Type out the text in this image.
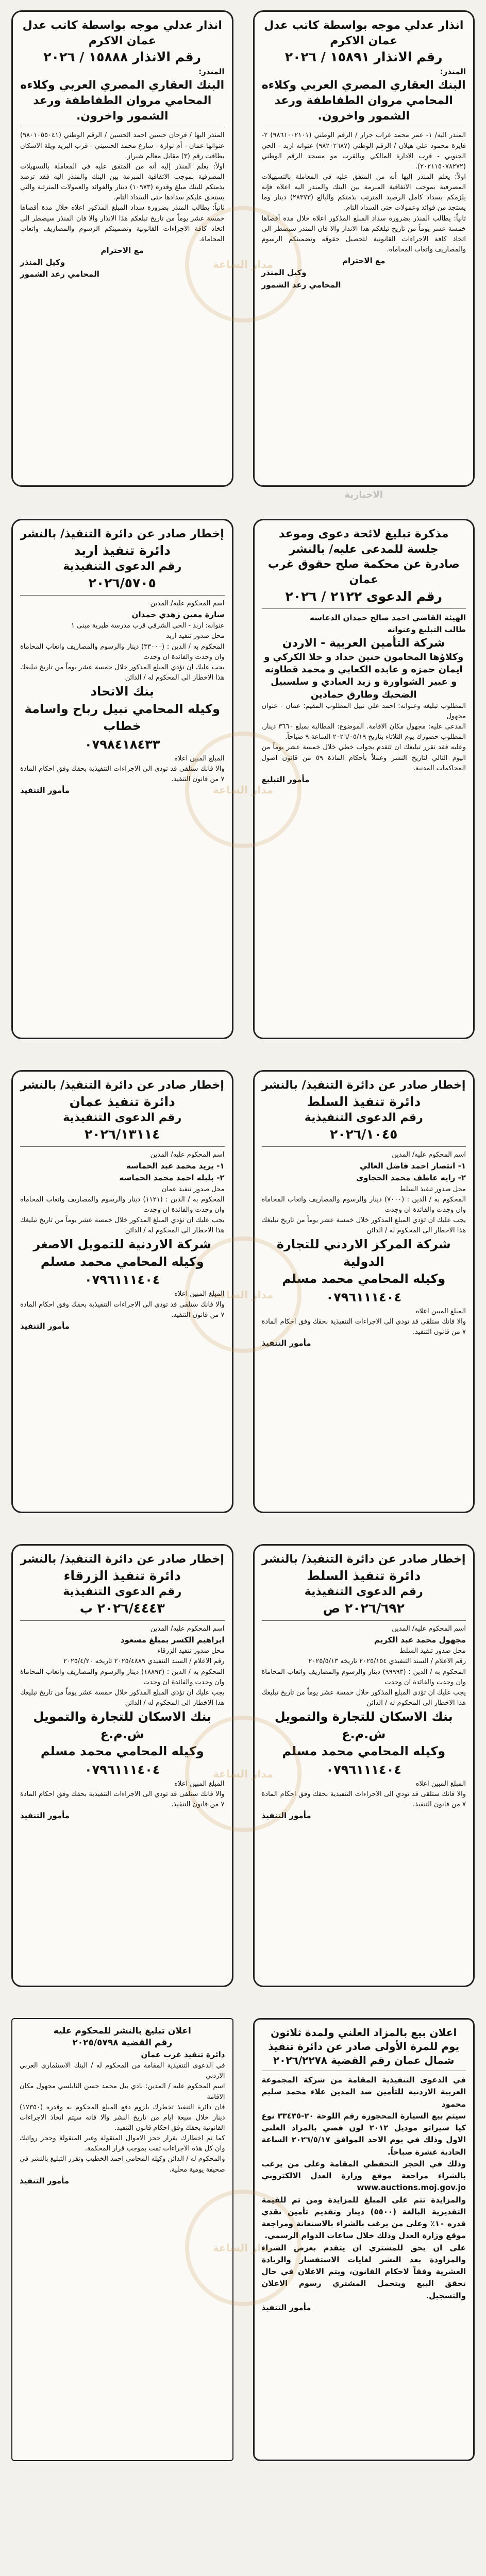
انذار عدلي موجه بواسطة كاتب عدل عمان الاكرم
رقم الانذار ١٥٨٩١ / ٢٠٢٦
المنذر:
البنك العقاري المصري العربي وكلاءه المحامي مروان الطفاطفة ورعد الشمور واخرون.
المنذر اليه/ ١- عمر محمد غراب جرار / الرقم الوطني (٩٨٦١٠٠٢١٠١) ٢- فايزة محمود علي هيلان / الرقم الوطني (٩٨٢٠٢٦٨٧) عنوانه اربد - الحي الجنوبي - قرب الادارة المالكي وبالقرب مو مسجد الرقم الوطني (٢٠٢١١٥٠٧٨٢٧٢).
اولاً: يعلم المنذر إليها أنه من المتفق عليه في المعاملة بالتسهيلات المصرفية بموجب الاتفاقية المبرمة بين البنك والمنذر اليه اعلاه فإنه يلزمكم بسداد كامل الرصيد المترتب بذمتكم والبالغ (٢٨٣٧٣) دينار وما يستجد من فوائد وعمولات حتى السداد التام.
ثانياً: يطالب المنذر بضرورة سداد المبلغ المذكور اعلاه خلال مدة أقصاها خمسة عشر يوماً من تاريخ تبلغكم هذا الانذار والا فان المنذر سيضطر الى اتخاذ كافة الاجراءات القانونية لتحصيل حقوقه وتضمينكم الرسوم والمصاريف واتعاب المحاماة.
مع الاحترام
وكيل المنذر
المحامي رعد الشمور
الاخبارية
انذار عدلي موجه بواسطة كاتب عدل عمان الاكرم
رقم الانذار ١٥٨٨٨ / ٢٠٢٦
المنذر:
البنك العقاري المصري العربي وكلاءه المحامي مروان الطفاطفة ورعد الشمور واخرون.
المنذر اليها / فرحان حسين احمد الحسين / الرقم الوطني (٩٨٠١٠٥٥٠٤١) عنوانها عمان - أم نوارة - شارع محمد الحسيني - قرب البريد ويلة الاسكان بطاقت رقم (٣) مقابل معالم شيراز.
اولاً: يعلم المنذر إليه أنه من المتفق عليه في المعاملة بالتسهيلات المصرفية بموجب الاتفاقية المبرمة بين البنك والمنذر اليه فقد ترصد بذمتكم للبنك مبلغ وقدره (١٠٩٧٣) دينار والفوائد والعمولات المترتبة والتي يستحق عليكم سدادها حتى السداد التام.
ثانياً: يطالب المنذر بضرورة سداد المبلغ المذكور اعلاه خلال مدة أقصاها خمسة عشر يوماً من تاريخ تبلغكم هذا الانذار والا فان المنذر سيضطر الى اتخاذ كافة الاجراءات القانونية وتضمينكم الرسوم والمصاريف واتعاب المحاماة.
مع الاحترام
وكيل المنذر
المحامي رعد الشمور
مذكرة تبليغ لائحة دعوى وموعد جلسة للمدعى عليه/ بالنشر
صادرة عن محكمة صلح حقوق غرب عمان
رقم الدعوى ٢١٢٢ / ٢٠٢٦
الهيئة القاضي احمد صالح حمدان الدعاسه
طالب التبليغ وعنوانه
شركة التأمين العربية - الاردن
وكلاؤها المحامون حنين حداد و حلا الكركي و ايمان حمزه و عابده الكعابي و محمد قطاونه و عبير الشواورة و زيد العبادي و سلسبيل الضحيك وطارق حمادين
المطلوب تبليغه وعنوانه: احمد علي نبيل المطلوب المقيم: عمان - عنوان مجهول
المدعى عليه: مجهول مكان الاقامة. الموضوع: المطالبة بمبلغ ٣٦٦٠ دينار. المطلوب حضورك يوم الثلاثاء بتاريخ ٢٠٢٦/٠٥/١٩ الساعة ٩ صباحاً.
وعليه فقد تقرر تبليغك ان تتقدم بجواب خطي خلال خمسة عشر يوماً من اليوم التالي لتاريخ النشر وعملاً بأحكام المادة ٥٩ من قانون اصول المحاكمات المدنية.
مأمور التبليغ
إخطار صادر عن دائرة التنفيذ/ بالنشر
دائرة تنفيذ اربد
رقم الدعوى التنفيذية
٢٠٢٦/٥٧٠٥
اسم المحكوم عليه/ المدين
سارة معين زهدي حمدان
عنوانه: اربد - الحي الشرقي قرب مدرسة طبرية مبنى ١
محل صدور تنفيذ اربد
المحكوم به / الدين : (٣٣٠٠٠) دينار والرسوم والمصاريف واتعاب المحاماة وان وجدت والفائدة ان وجدت
يجب عليك ان تؤدي المبلغ المذكور خلال خمسة عشر يوماً من تاريخ تبليغك هذا الاخطار الى المحكوم له / الدائن
بنك الاتحاد
وكيله المحامي نبيل رباح واسامة خطاب
٠٧٩٨٤١٨٤٣٣
المبلغ المبين اعلاه
والا فانك ستلقى قد تودي الى الاجراءات التنفيذية بحقك وفق احكام المادة ٧ من قانون التنفيذ.
مأمور التنفيذ
إخطار صادر عن دائرة التنفيذ/ بالنشر
دائرة تنفيذ السلط
رقم الدعوى التنفيذية
٢٠٢٦/١٠٤٥
اسم المحكوم عليه/ المدين
١- انتصار احمد فاضل العالي
٢- رايه عاطف محمد الحجاوي
محل صدور تنفيذ السلط
المحكوم به / الدين : (٧٠٠٠) دينار والرسوم والمصاريف واتعاب المحاماة وان وجدت والفائدة ان وجدت
يجب عليك ان تؤدي المبلغ المذكور خلال خمسة عشر يوماً من تاريخ تبليغك هذا الاخطار الى المحكوم له / الدائن
شركة المركز الاردني للتجارة الدولية
وكيله المحامي محمد مسلم
٠٧٩٦١١١٤٠٤
المبلغ المبين اعلاه
والا فانك ستلقى قد تودي الى الاجراءات التنفيذية بحقك وفق احكام المادة ٧ من قانون التنفيذ.
مأمور التنفيذ
إخطار صادر عن دائرة التنفيذ/ بالنشر
دائرة تنفيذ عمان
رقم الدعوى التنفيذية
٢٠٢٦/١٣١١٤
اسم المحكوم عليه/ المدين
١- يزيد محمد عبد الحماسه
٢- بلبله احمد محمد الحماسه
محل صدور تنفيذ عمان
المحكوم به / الدين : (١١٢١) دينار والرسوم والمصاريف واتعاب المحاماة وان وجدت والفائدة ان وجدت
يجب عليك ان تؤدي المبلغ المذكور خلال خمسة عشر يوماً من تاريخ تبليغك هذا الاخطار الى المحكوم له / الدائن
شركة الاردنية للتمويل الاصغر
وكيله المحامي محمد مسلم
٠٧٩٦١١١٤٠٤
المبلغ المبين اعلاه
والا فانك ستلقى قد تودي الى الاجراءات التنفيذية بحقك وفق احكام المادة ٧ من قانون التنفيذ.
مأمور التنفيذ
إخطار صادر عن دائرة التنفيذ/ بالنشر
دائرة تنفيذ السلط
رقم الدعوى التنفيذية
٢٠٢٦/٦٩٢ ص
اسم المحكوم عليه/ المدين
مجهول محمد عبد الكريم
محل صدور تنفيذ السلط
رقم الاعلام / السند التنفيذي ٢٠٢٥/١٥٤ تاريخه ٢٠٢٥/٥/١٣
المحكوم به / الدين : (٩٩٩٩٣) دينار والرسوم والمصاريف واتعاب المحاماة وان وجدت والفائدة ان وجدت
يجب عليك ان تؤدي المبلغ المذكور خلال خمسة عشر يوماً من تاريخ تبليغك هذا الاخطار الى المحكوم له / الدائن
بنك الاسكان للتجارة والتمويل ش.م.ع
وكيله المحامي محمد مسلم
٠٧٩٦١١١٤٠٤
المبلغ المبين اعلاه
والا فانك ستلقى قد تودي الى الاجراءات التنفيذية بحقك وفق احكام المادة ٧ من قانون التنفيذ.
مأمور التنفيذ
إخطار صادر عن دائرة التنفيذ/ بالنشر
دائرة تنفيذ الزرقاء
رقم الدعوى التنفيذية
٢٠٢٦/٤٤٤٣ ب
اسم المحكوم عليه/ المدين
ابراهيم الكسر بمبلغ مسعود
محل صدور تنفيذ الزرقاء
رقم الاعلام / السند التنفيذي ٢٠٢٥/٤٨٨٩ تاريخه ٢٠٢٥/٤/٢٠
المحكوم به / الدين : (١٨٨٩٣) دينار والرسوم والمصاريف واتعاب المحاماة وان وجدت والفائدة ان وجدت
يجب عليك ان تؤدي المبلغ المذكور خلال خمسة عشر يوماً من تاريخ تبليغك هذا الاخطار الى المحكوم له / الدائن
بنك الاسكان للتجارة والتمويل ش.م.ع
وكيله المحامي محمد مسلم
٠٧٩٦١١١٤٠٤
المبلغ المبين اعلاه
والا فانك ستلقى قد تودي الى الاجراءات التنفيذية بحقك وفق احكام المادة ٧ من قانون التنفيذ.
مأمور التنفيذ
اعلان بيع بالمزاد العلني ولمدة ثلاثون يوم للمرة الأولى صادر عن دائرة تنفيذ شمال عمان رقم القضية ٢٠٢٦/٢٢٧٨
في الدعوى التنفيذية المقامة من شركة المجموعة العربية الاردنية للتأمين ضد المدين علاء محمد سليم محمود
سيتم بيع السيارة المحجوزة رقم اللوحة ٢٠-٣٣٤٣٥ نوع كيا سيراتو موديل ٢٠١٢ لون فضي بالمزاد العلني الاول وذلك في يوم الاحد الموافق ٢٠٢٦/٥/١٧ الساعة الحادية عشرة صباحاً.
وذلك في الحجز التحفظي المقامة وعلى من يرغب بالشراء مراجعة موقع وزارة العدل الالكتروني www.auctions.moj.gov.jo
والمزايدة تتم على المبلغ للمزايدة ومن ثم للقيمة التقديرية البالغة (٥٥٠٠) دينار وتقديم تأمين نقدي قدره ١٠٪ وعلى من يرغب بالشراء بالاستعانة ومراجعة موقع وزارة العدل وذلك خلال ساعات الدوام الرسمي.
على ان يحق للمشتري ان يتقدم بعرض الشراء والمزاودة بعد النشر لغايات الاستفسار والزيادة العشرية وفقاً لاحكام القانون، ويتم الاعلان في حال تحقق البيع ويتحمل المشتري رسوم الاعلان والتسجيل.
مأمور التنفيذ
اعلان تبليغ بالنشر للمحكوم عليه
رقم القضية ٢٠٢٥/٥٧٩٨
دائرة تنفيذ غرب عمان
في الدعوى التنفيذية المقامة من المحكوم له / البنك الاستثماري العربي الاردني
اسم المحكوم عليه / المدين: نادي بيل محمد حسن النابلسي مجهول مكان الاقامة
فان دائرة التنفيذ تخطرك بلزوم دفع المبلغ المحكوم به وقدره (١٧٣٥٠) دينار خلال سبعة ايام من تاريخ النشر والا فانه سيتم اتخاذ الاجراءات القانونية بحقك وفق احكام قانون التنفيذ.
كما تم اخطارك بقرار حجز الاموال المنقولة وغير المنقولة وحجز رواتبك وان كل هذه الاجراءات تمت بموجب قرار المحكمة.
والمحكوم له / الدائن وكيله المحامي احمد الخطيب وتقرر التبليغ بالنشر في صحيفة يومية محلية.
مأمور التنفيذ
مدار الساعة
مدار الساعة
مدار الساعة
مدار الساعة
مدار الساعة
